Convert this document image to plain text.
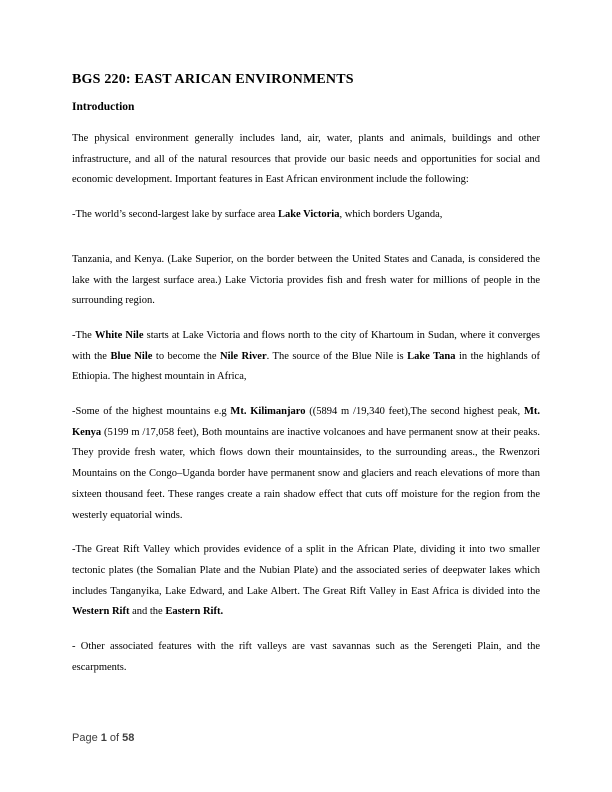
BGS 220: EAST ARICAN ENVIRONMENTS
Introduction

The physical environment generally includes land, air, water, plants and animals, buildings and other infrastructure, and all of the natural resources that provide our basic needs and opportunities for social and economic development. Important features in East African environment include the following:

-The world’s second-largest lake by surface area Lake Victoria, which borders Uganda,

Tanzania, and Kenya. (Lake Superior, on the border between the United States and Canada, is considered the lake with the largest surface area.) Lake Victoria provides fish and fresh water for millions of people in the surrounding region.

-The White Nile starts at Lake Victoria and flows north to the city of Khartoum in Sudan, where it converges with the Blue Nile to become the Nile River. The source of the Blue Nile is Lake Tana in the highlands of Ethiopia. The highest mountain in Africa,

-Some of the highest mountains e.g Mt. Kilimanjaro ((5894 m /19,340 feet),The second highest peak, Mt. Kenya (5199 m /17,058 feet), Both mountains are inactive volcanoes and have permanent snow at their peaks. They provide fresh water, which flows down their mountainsides, to the surrounding areas., the Rwenzori Mountains on the Congo–Uganda border have permanent snow and glaciers and reach elevations of more than sixteen thousand feet. These ranges create a rain shadow effect that cuts off moisture for the region from the westerly equatorial winds.

-The Great Rift Valley which provides evidence of a split in the African Plate, dividing it into two smaller tectonic plates (the Somalian Plate and the Nubian Plate) and the associated series of deepwater lakes which includes Tanganyika, Lake Edward, and Lake Albert. The Great Rift Valley in East Africa is divided into the Western Rift and the Eastern Rift.

- Other associated features with the rift valleys are vast savannas such as the Serengeti Plain, and the escarpments.

Page 1 of 58
